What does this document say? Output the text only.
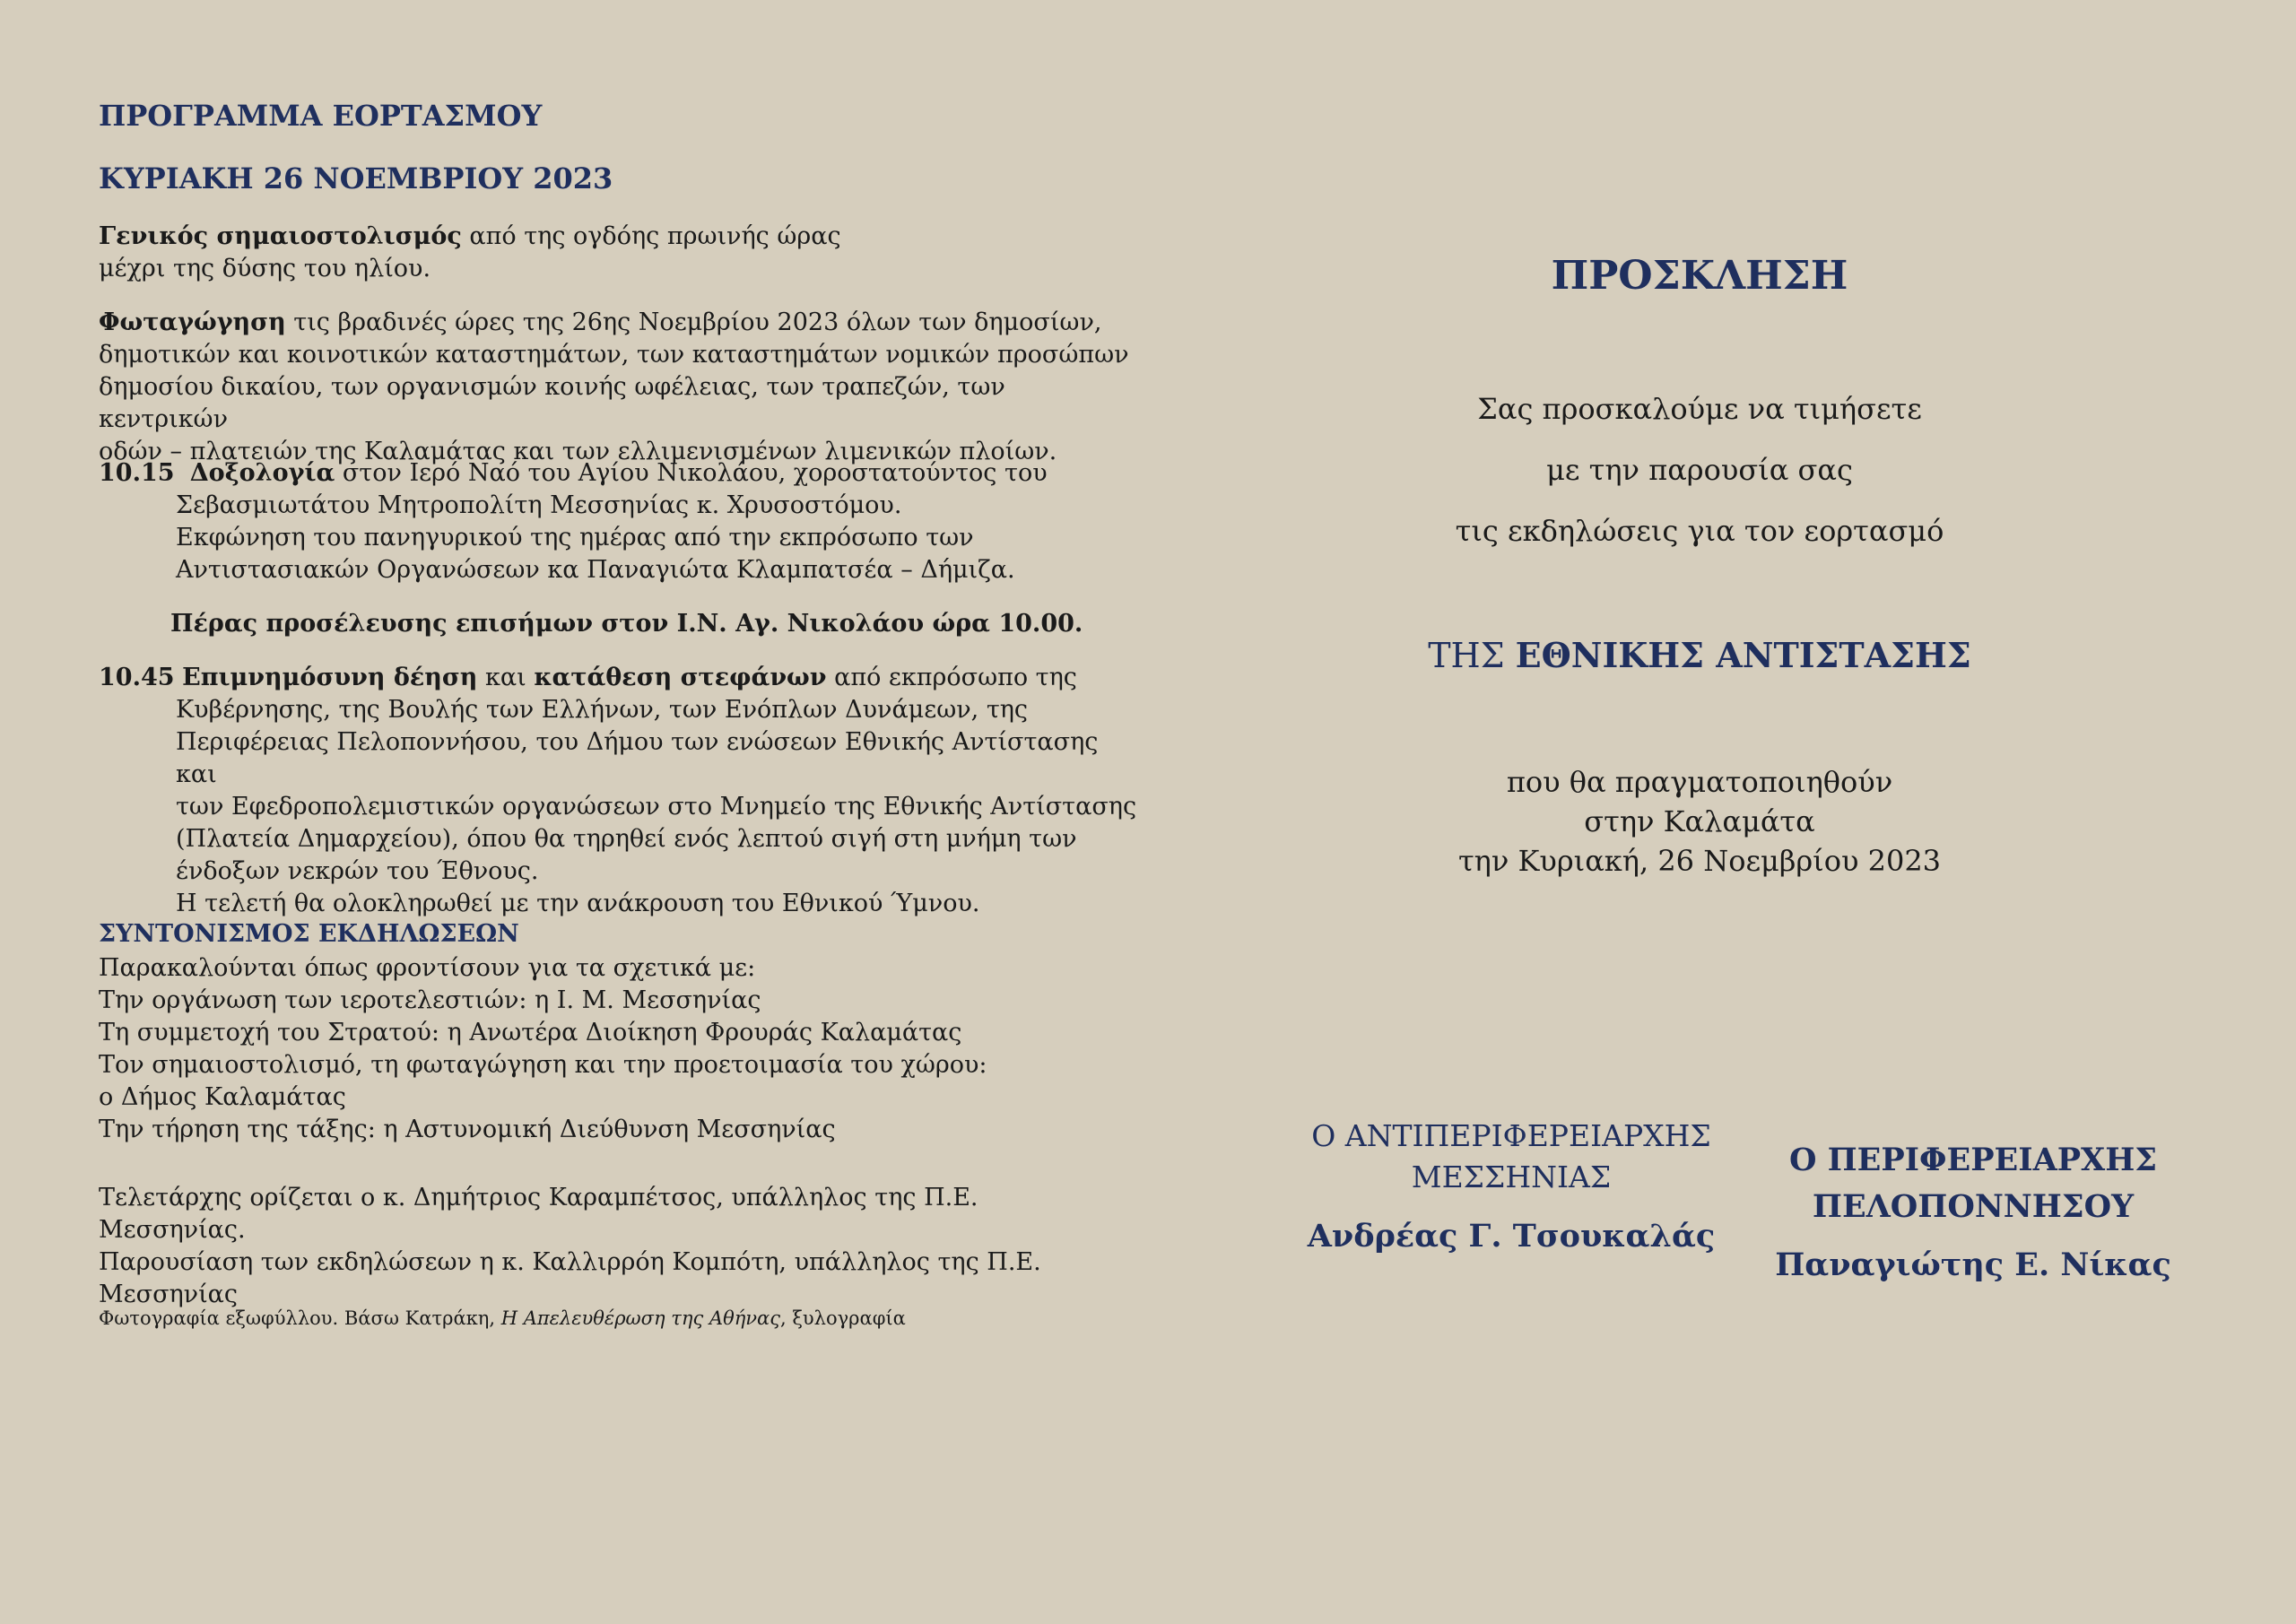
ΠΡΟΓΡΑΜΜΑ ΕΟΡΤΑΣΜΟΥ
ΚΥΡΙΑΚΗ 26 ΝΟΕΜΒΡΙΟΥ 2023
Γενικός σημαιοστολισμός από της ογδόης πρωινής ώρας
μέχρι της δύσης του ηλίου.
Φωταγώγηση τις βραδινές ώρες της 26ης Νοεμβρίου 2023 όλων των δημοσίων,
δημοτικών και κοινοτικών καταστημάτων, των καταστημάτων νομικών προσώπων
δημοσίου δικαίου, των οργανισμών κοινής ωφέλειας, των τραπεζών, των κεντρικών
οδών – πλατειών της Καλαμάτας και των ελλιμενισμένων λιμενικών πλοίων.
10.15 Δοξολογία στον Ιερό Ναό του Αγίου Νικολάου, χοροστατούντος του
Σεβασμιωτάτου Μητροπολίτη Μεσσηνίας κ. Χρυσοστόμου.
Εκφώνηση του πανηγυρικού της ημέρας από την εκπρόσωπο των
Αντιστασιακών Οργανώσεων κα Παναγιώτα Κλαμπατσέα – Δήμιζα.
Πέρας προσέλευσης επισήμων στον Ι.Ν. Αγ. Νικολάου ώρα 10.00.
10.45 Επιμνημόσυνη δέηση και κατάθεση στεφάνων από εκπρόσωπο της
Κυβέρνησης, της Βουλής των Ελλήνων, των Ενόπλων Δυνάμεων, της
Περιφέρειας Πελοποννήσου, του Δήμου των ενώσεων Εθνικής Αντίστασης και
των Εφεδροπολεμιστικών οργανώσεων στο Μνημείο της Εθνικής Αντίστασης
(Πλατεία Δημαρχείου), όπου θα τηρηθεί ενός λεπτού σιγή στη μνήμη των
ένδοξων νεκρών του Έθνους.
Η τελετή θα ολοκληρωθεί με την ανάκρουση του Εθνικού Ύμνου.
ΣΥΝΤΟΝΙΣΜΟΣ ΕΚΔΗΛΩΣΕΩΝ
Παρακαλούνται όπως φροντίσουν για τα σχετικά με:
Την οργάνωση των ιεροτελεστιών: η Ι. Μ. Μεσσηνίας
Τη συμμετοχή του Στρατού: η Ανωτέρα Διοίκηση Φρουράς Καλαμάτας
Τον σημαιοστολισμό, τη φωταγώγηση και την προετοιμασία του χώρου:
ο Δήμος Καλαμάτας
Την τήρηση της τάξης: η Αστυνομική Διεύθυνση Μεσσηνίας
Τελετάρχης ορίζεται ο κ. Δημήτριος Καραμπέτσος, υπάλληλος της Π.Ε. Μεσσηνίας.
Παρουσίαση των εκδηλώσεων η κ. Καλλιρρόη Κομπότη, υπάλληλος της Π.Ε.
Μεσσηνίας
Φωτογραφία εξωφύλλου. Βάσω Κατράκη, Η Απελευθέρωση της Αθήνας, ξυλογραφία
ΠΡΟΣΚΛΗΣΗ
Σας προσκαλούμε να τιμήσετε
με την παρουσία σας
τις εκδηλώσεις για τον εορτασμό
ΤΗΣ ΕΘΝΙΚΗΣ ΑΝΤΙΣΤΑΣΗΣ
που θα πραγματοποιηθούν
στην Καλαμάτα
την Κυριακή, 26 Νοεμβρίου 2023
Ο ΑΝΤΙΠΕΡΙΦΕΡΕΙΑΡΧΗΣ
ΜΕΣΣΗΝΙΑΣ
Ανδρέας Γ. Τσουκαλάς
Ο ΠΕΡΙΦΕΡΕΙΑΡΧΗΣ
ΠΕΛΟΠΟΝΝΗΣΟΥ
Παναγιώτης Ε. Νίκας
